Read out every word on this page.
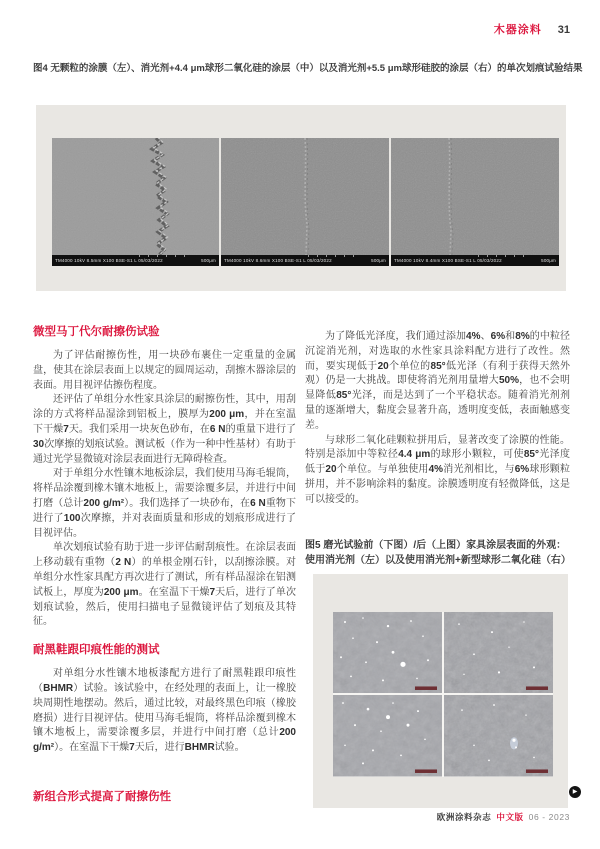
木器涂料 31
图4 无颗粒的涂膜（左）、消光剂+4.4 μm球形二氧化硅的涂层（中）以及消光剂+5.5 μm球形硅胶的涂层（右）的单次划痕试验结果
TM4000 10kV 8.5mm X100 BSE-S1 L 05/03/2022	500μm TM4000 10kV 8.6mm X100 BSE-S1 L 05/03/2022	500μm TM4000 10kV 8.4mm X100 BSE-S1 L 05/03/2022	500μm
微型马丁代尔耐擦伤试验

为了评估耐擦伤性，用一块砂布裹住一定重量的金属盘，使其在涂层表面上以规定的圆周运动，刮擦木器涂层的表面。用目视评估擦伤程度。

还评估了单组分水性家具涂层的耐擦伤性，其中，用刮涂的方式将样品湿涂到铝板上，膜厚为200 μm，并在室温下干燥7天。我们采用一块灰色砂布，在6 N的重量下进行了30次摩擦的划痕试验。测试板（作为一种中性基材）有助于通过光学显微镜对涂层表面进行无障碍检查。

对于单组分水性镶木地板涂层，我们使用马海毛辊筒，将样品涂覆到橡木镶木地板上，需要涂覆多层，并进行中间打磨（总计200 g/m²）。我们选择了一块砂布，在6 N重物下进行了100次摩擦，并对表面质量和形成的划痕形成进行了目视评估。

单次划痕试验有助于进一步评估耐刮痕性。在涂层表面上移动载有重物（2 N）的单根金刚石针，以刮擦涂膜。对单组分水性家具配方再次进行了测试，所有样品湿涂在铝测试板上，厚度为200 μm。在室温下干燥7天后，进行了单次划痕试验，然后，使用扫描电子显微镜评估了划痕及其特征。

耐黑鞋跟印痕性能的测试

对单组分水性镶木地板漆配方进行了耐黑鞋跟印痕性（BHMR）试验。该试验中，在经处理的表面上，让一橡胶块周期性地摆动。然后，通过比较，对最终黑色印痕（橡胶磨损）进行目视评估。使用马海毛辊筒，将样品涂覆到橡木镶木地板上，需要涂覆多层，并进行中间打磨（总计200 g/m²）。在室温下干燥7天后，进行BHMR试验。

新组合形式提高了耐擦伤性

为了降低光泽度，我们通过添加4%、6%和8%的中粒径沉淀消光剂，对选取的水性家具涂料配方进行了改性。然而，要实现低于20个单位的85°低光泽（有利于获得天然外观）仍是一大挑战。即使将消光剂用量增大50%，也不会明显降低85°光泽，而是达到了一个平稳状态。随着消光剂剂量的逐渐增大，黏度会显著升高，透明度变低，表面触感变差。

与球形二氧化硅颗粒拼用后，显著改变了涂膜的性能。特别是添加中等粒径4.4 μm的球形小颗粒，可使85°光泽度低于20个单位。与单独使用4%消光剂相比，与6%球形颗粒拼用，并不影响涂料的黏度。涂膜透明度有轻微降低，这是可以接受的。

图5 磨光试验前（下图）/后（上图）家具涂层表面的外观：使用消光剂（左）以及使用消光剂+新型球形二氧化硅（右）
▶
欧洲涂料杂志 中文版 06 - 2023
